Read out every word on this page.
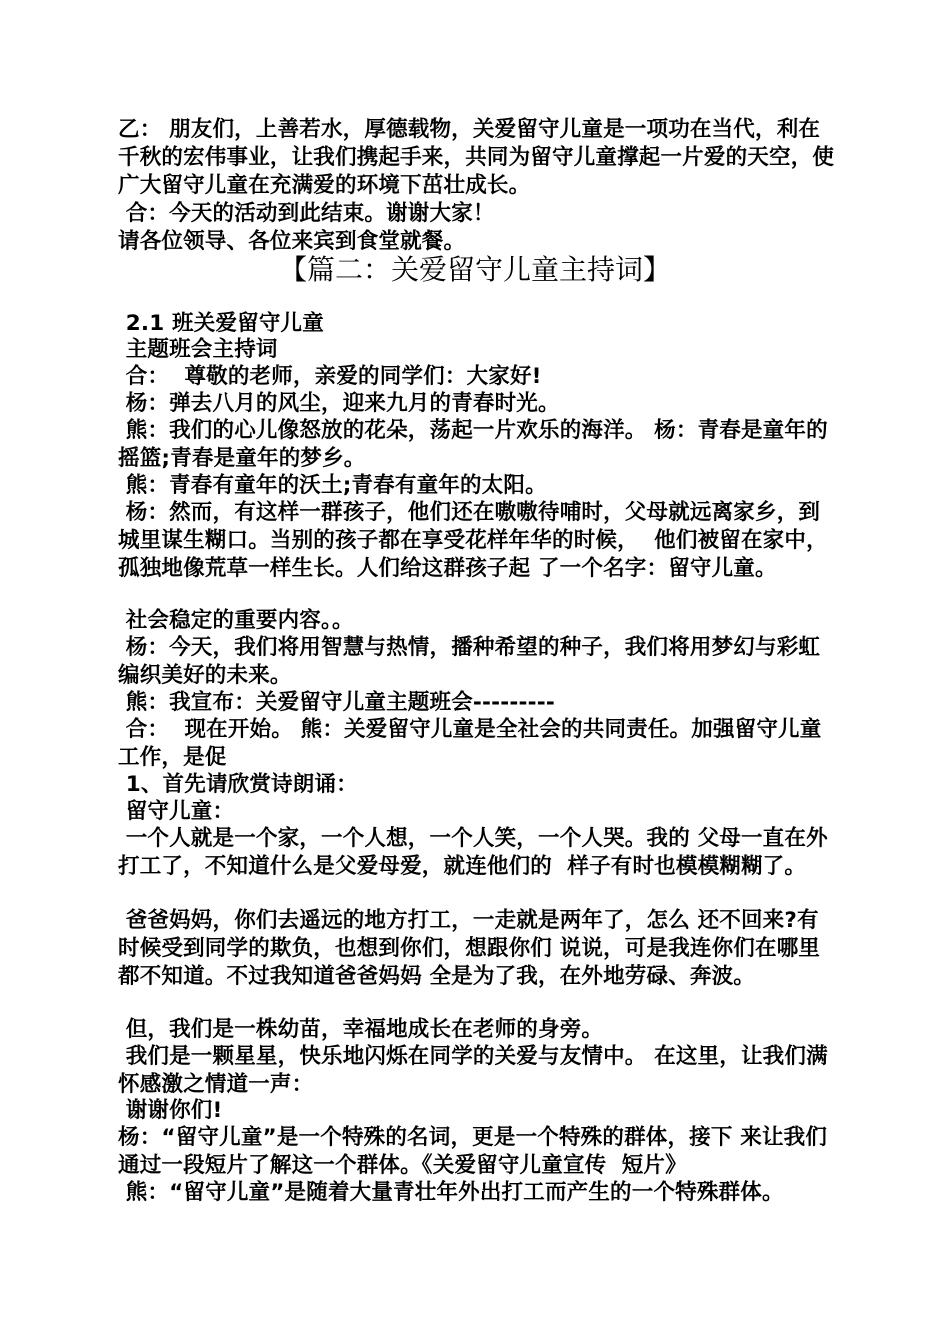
乙： 朋友们，上善若水，厚德载物，关爱留守儿童是一项功在当代，利在千秋的宏伟事业，让我们携起手来，共同为留守儿童撑起一片爱的天空，使广大留守儿童在充满爱的环境下茁壮成长。

合：今天的活动到此结束。谢谢大家！

请各位领导、各位来宾到食堂就餐。

【篇二：关爱留守儿童主持词】

2.1 班关爱留守儿童

主题班会主持词

合：  尊敬的老师，亲爱的同学们：大家好!

杨：弹去八月的风尘，迎来九月的青春时光。

熊：我们的心儿像怒放的花朵，荡起一片欢乐的海洋。 杨：青春是童年的摇篮;青春是童年的梦乡。

熊：青春有童年的沃土;青春有童年的太阳。

杨：然而，有这样一群孩子，他们还在嗷嗷待哺时，父母就远离家乡，到城里谋生糊口。当别的孩子都在享受花样年华的时候，  他们被留在家中，孤独地像荒草一样生长。人们给这群孩子起 了一个名字：留守儿童。

社会稳定的重要内容。。

杨：今天，我们将用智慧与热情，播种希望的种子，我们将用梦幻与彩虹编织美好的未来。

熊：我宣布：关爱留守儿童主题班会---------

合：  现在开始。 熊：关爱留守儿童是全社会的共同责任。加强留守儿童工作，是促

1、首先请欣赏诗朗诵：

留守儿童：

一个人就是一个家，一个人想，一个人笑，一个人哭。我的 父母一直在外打工了，不知道什么是父爱母爱，就连他们的  样子有时也模模糊糊了。

爸爸妈妈，你们去遥远的地方打工，一走就是两年了，怎么 还不回来?有时候受到同学的欺负，也想到你们，想跟你们 说说，可是我连你们在哪里都不知道。不过我知道爸爸妈妈 全是为了我，在外地劳碌、奔波。

但，我们是一株幼苗，幸福地成长在老师的身旁。

我们是一颗星星，快乐地闪烁在同学的关爱与友情中。 在这里，让我们满怀感激之情道一声：

谢谢你们!

杨：“留守儿童”是一个特殊的名词，更是一个特殊的群体，接下 来让我们通过一段短片了解这一个群体。《关爱留守儿童宣传  短片》

熊：“留守儿童”是随着大量青壮年外出打工而产生的一个特殊群体。
